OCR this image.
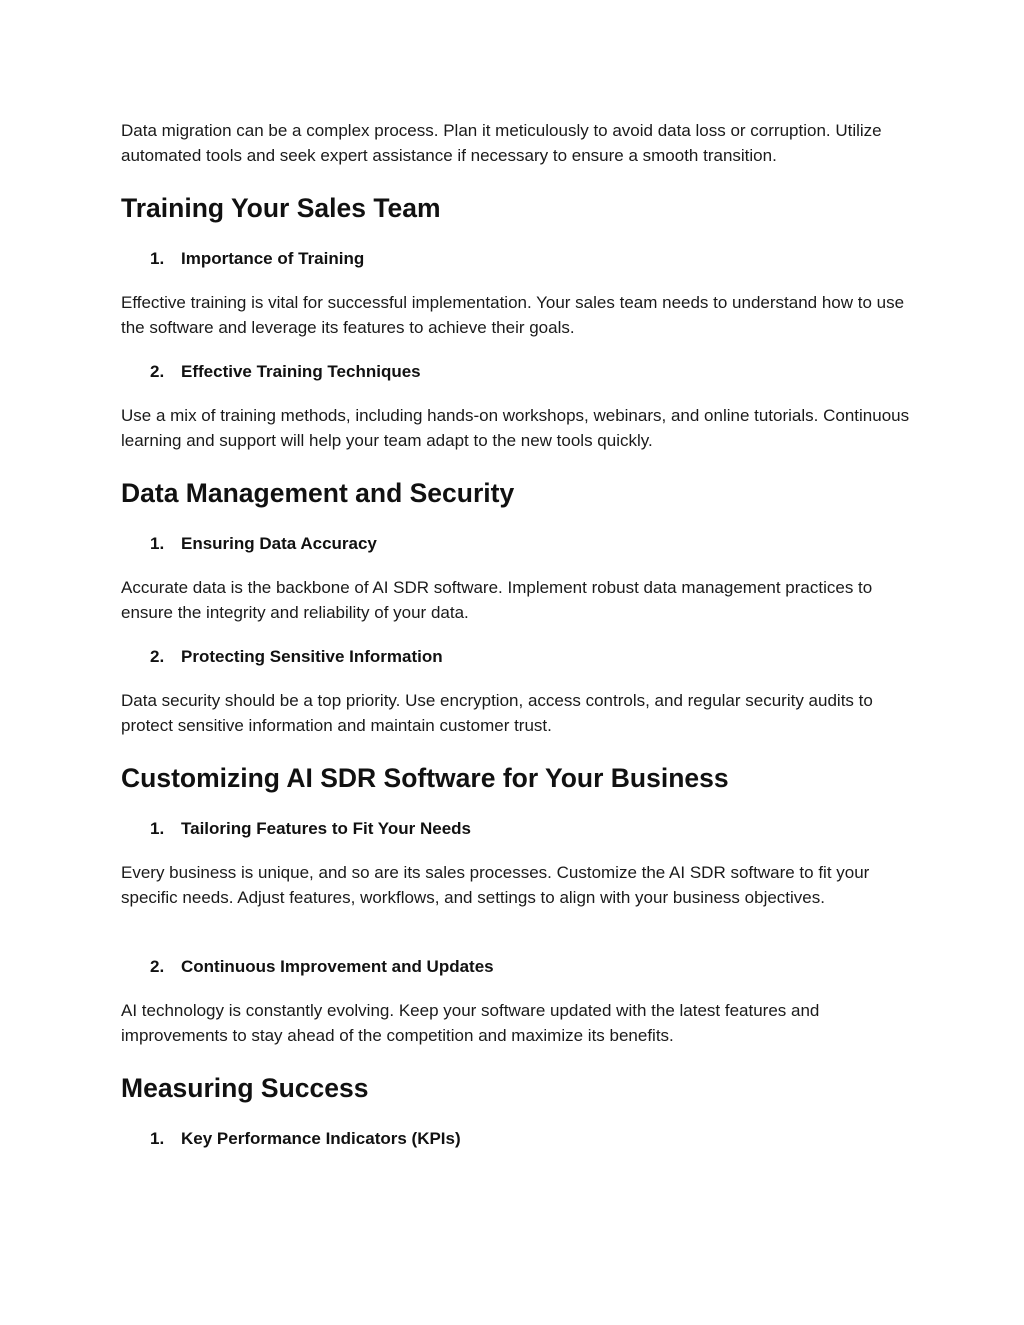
Data migration can be a complex process. Plan it meticulously to avoid data loss or corruption. Utilize automated tools and seek expert assistance if necessary to ensure a smooth transition.

Training Your Sales Team
1. Importance of Training

Effective training is vital for successful implementation. Your sales team needs to understand how to use the software and leverage its features to achieve their goals.

2. Effective Training Techniques

Use a mix of training methods, including hands-on workshops, webinars, and online tutorials. Continuous learning and support will help your team adapt to the new tools quickly.

Data Management and Security
1. Ensuring Data Accuracy

Accurate data is the backbone of AI SDR software. Implement robust data management practices to ensure the integrity and reliability of your data.

2. Protecting Sensitive Information

Data security should be a top priority. Use encryption, access controls, and regular security audits to protect sensitive information and maintain customer trust.

Customizing AI SDR Software for Your Business
1. Tailoring Features to Fit Your Needs

Every business is unique, and so are its sales processes. Customize the AI SDR software to fit your specific needs. Adjust features, workflows, and settings to align with your business objectives.

2. Continuous Improvement and Updates

AI technology is constantly evolving. Keep your software updated with the latest features and improvements to stay ahead of the competition and maximize its benefits.

Measuring Success
1. Key Performance Indicators (KPIs)
